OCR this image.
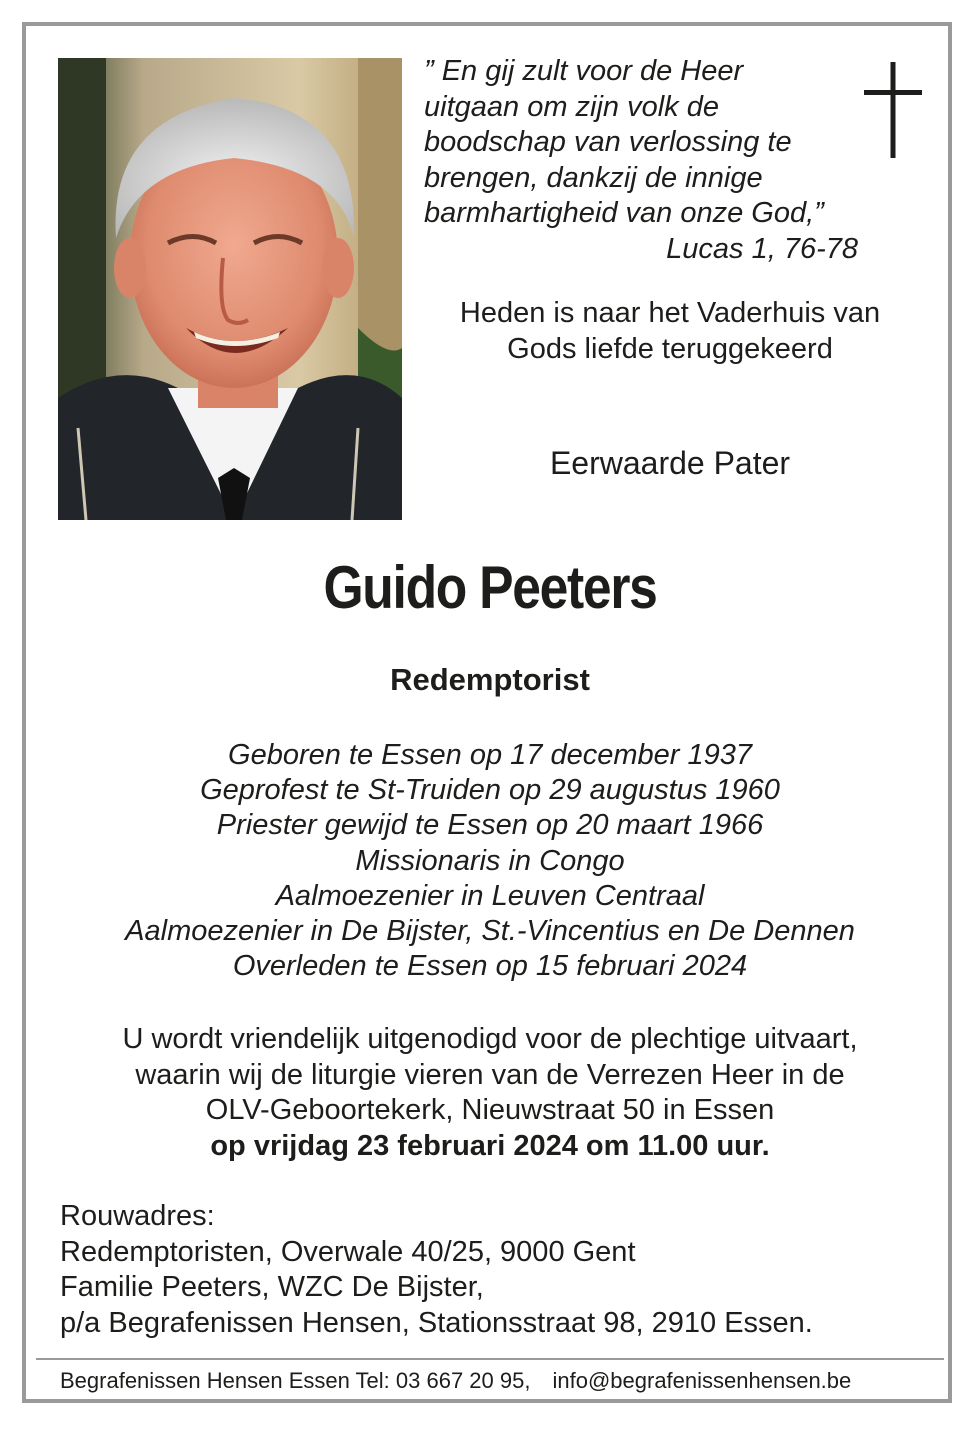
” En gij zult voor de Heer
uitgaan om zijn volk de
boodschap van verlossing te
brengen, dankzij de innige
barmhartigheid van onze God,”
Lucas 1, 76-78
Heden is naar het Vaderhuis van
Gods liefde teruggekeerd
Eerwaarde Pater
Guido Peeters
Redemptorist
Geboren te Essen op 17 december 1937
Geprofest te St-Truiden op 29 augustus 1960
Priester gewijd te Essen op 20 maart 1966
Missionaris in Congo
Aalmoezenier in Leuven Centraal
Aalmoezenier in De Bijster, St.-Vincentius en De Dennen
Overleden te Essen op 15 februari 2024
U wordt vriendelijk uitgenodigd voor de plechtige uitvaart,
waarin wij de liturgie vieren van de Verrezen Heer in de
OLV-Geboortekerk, Nieuwstraat 50 in Essen
op vrijdag 23 februari 2024 om 11.00 uur.
Rouwadres:
Redemptoristen, Overwale 40/25, 9000 Gent
Familie Peeters, WZC De Bijster,
p/a Begrafenissen Hensen, Stationsstraat 98, 2910 Essen.
Begrafenissen Hensen Essen Tel: 03 667 20 95, info@begrafenissenhensen.be
